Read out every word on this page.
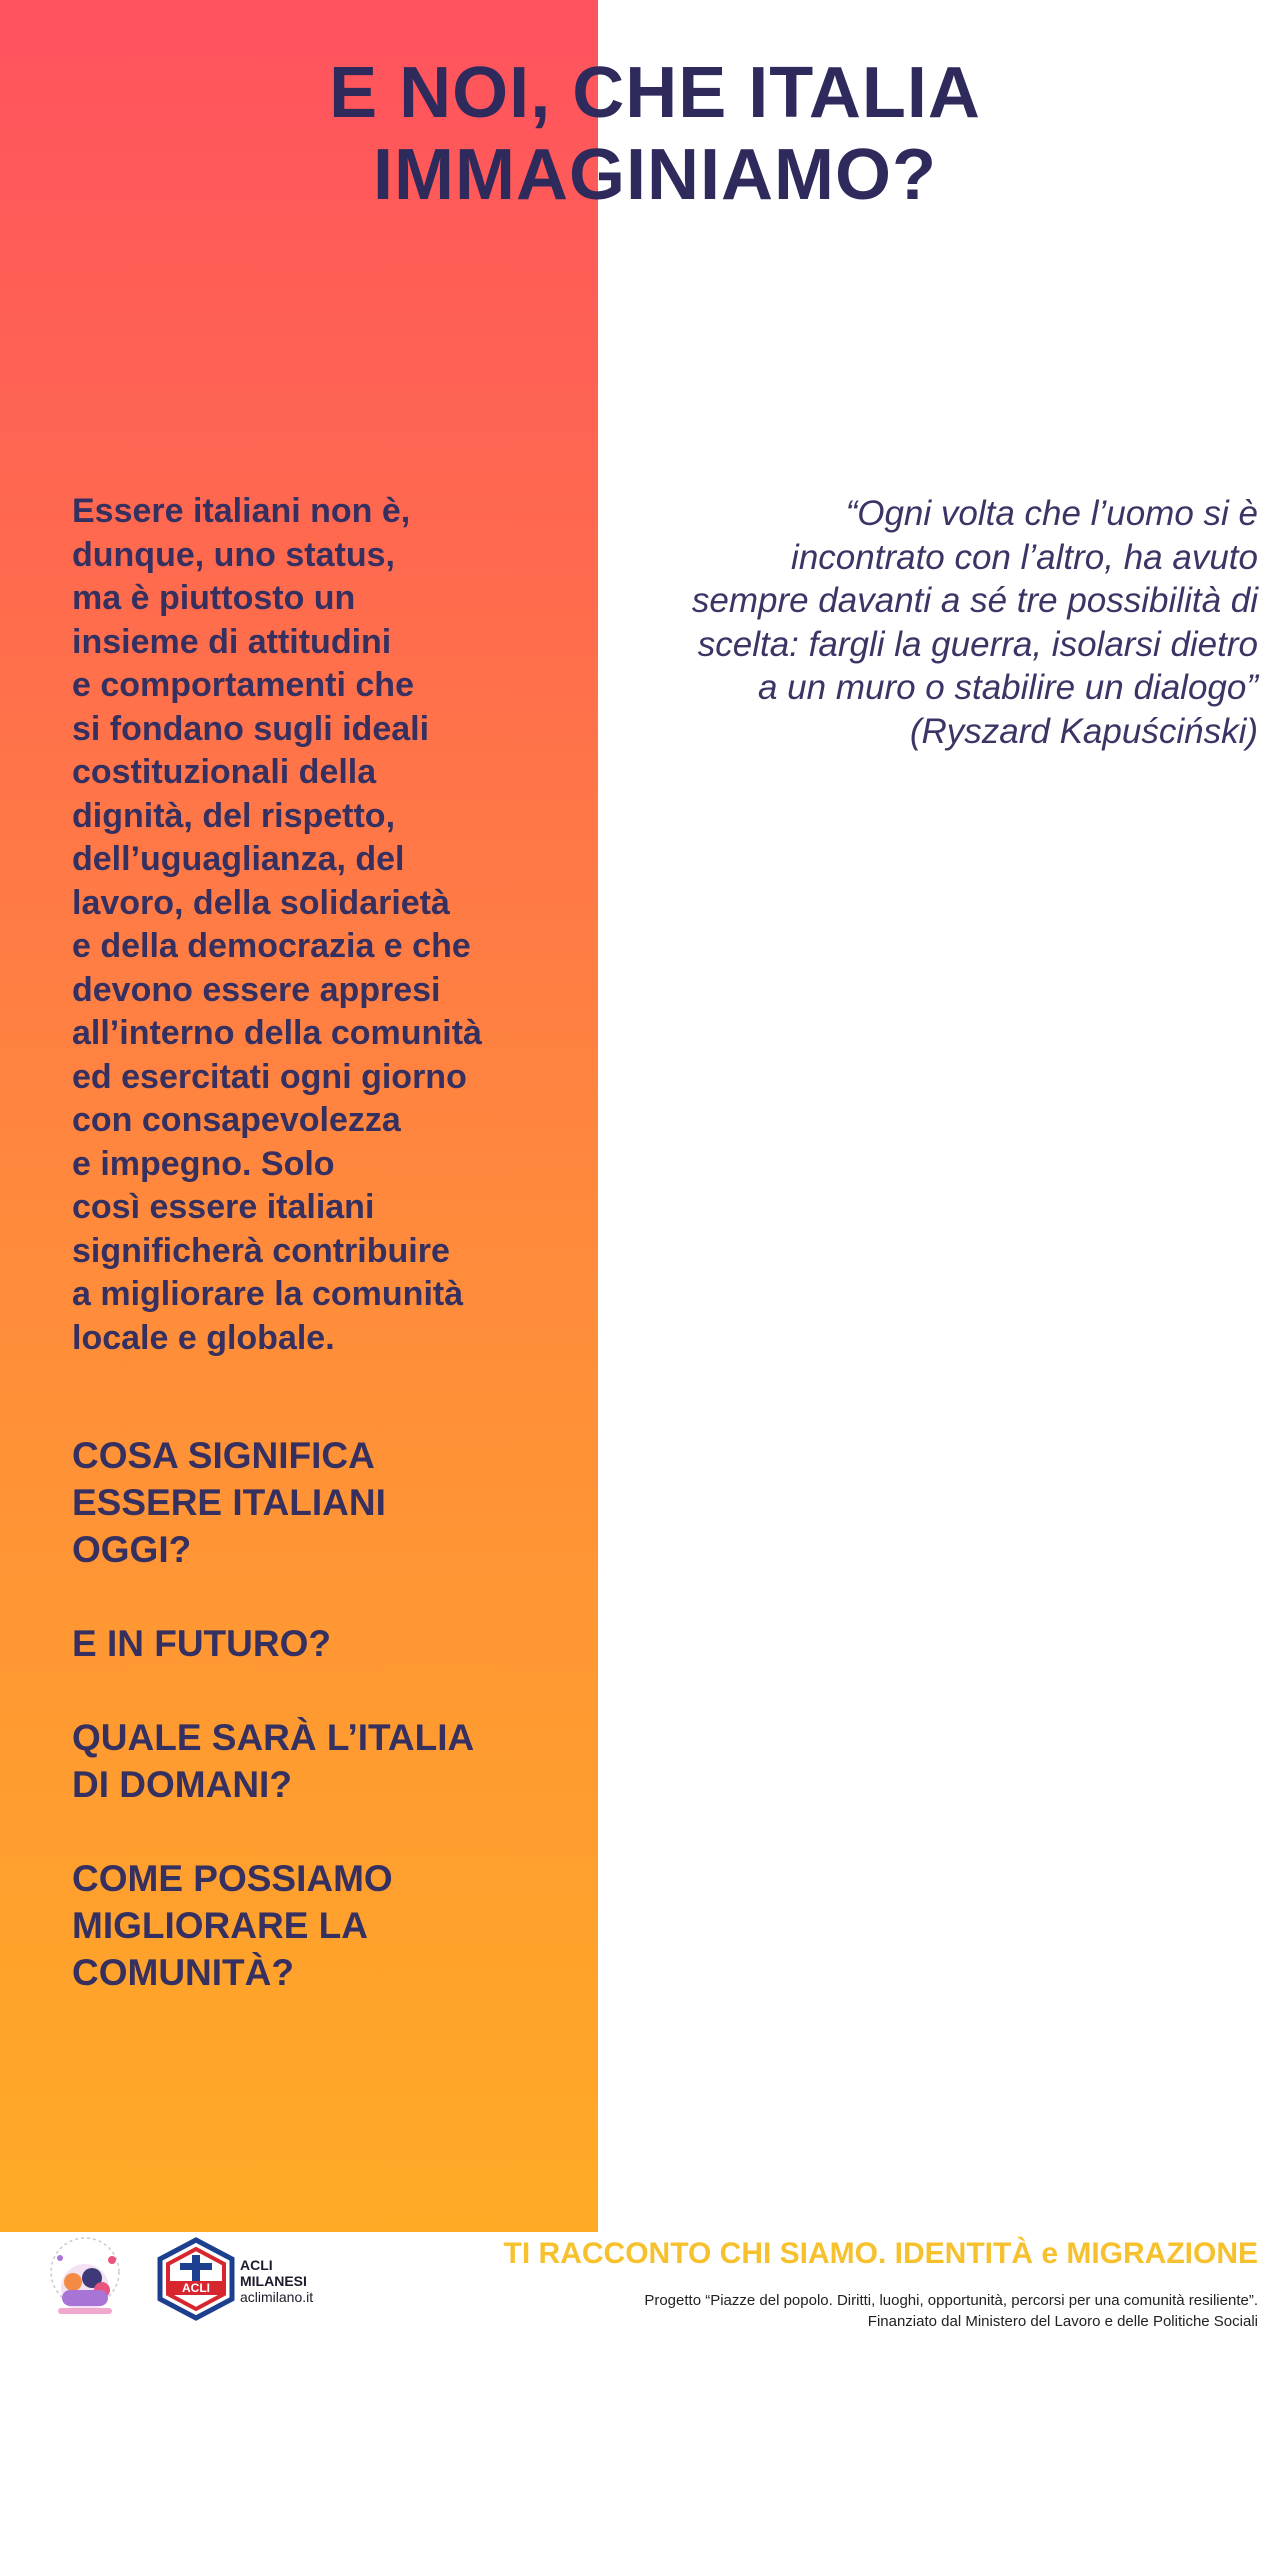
E NOI, CHE ITALIA
IMMAGINIAMO?
Essere italiani non è,
dunque, uno status,
ma è piuttosto un
insieme di attitudini
e comportamenti che
si fondano sugli ideali
costituzionali della
dignità, del rispetto,
dell’uguaglianza, del
lavoro, della solidarietà
e della democrazia e che
devono essere appresi
all’interno della comunità
ed esercitati ogni giorno
con consapevolezza
e impegno. Solo
così essere italiani
significherà contribuire
a migliorare la comunità
locale e globale.
“Ogni volta che l’uomo si è
incontrato con l’altro, ha avuto
sempre davanti a sé tre possibilità di
scelta: fargli la guerra, isolarsi dietro
a un muro o stabilire un dialogo”
(Ryszard Kapuściński)
COSA SIGNIFICA
ESSERE ITALIANI
OGGI?
E IN FUTURO?
QUALE SARÀ L’ITALIA
DI DOMANI?
COME POSSIAMO
MIGLIORARE LA
COMUNITÀ?
ACLI
ACLI
MILANESI
aclimilano.it
TI RACCONTO CHI SIAMO. IDENTITÀ e MIGRAZIONE
Progetto “Piazze del popolo. Diritti, luoghi, opportunità, percorsi per una comunità resiliente”.
Finanziato dal Ministero del Lavoro e delle Politiche Sociali
